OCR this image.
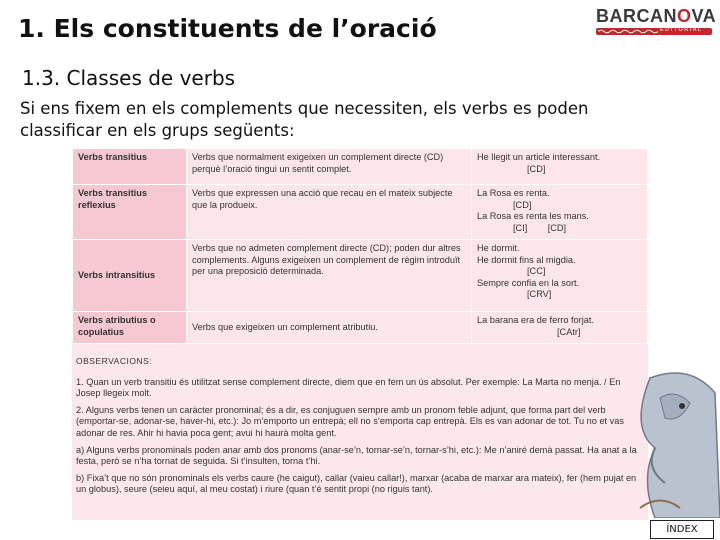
1. Els constituents de l’oració	BARCANOVA
EDITORIAL
1.3. Classes de verbs
Si ens fixem en els complements que necessiten, els verbs es poden classificar en els grups següents:
Verbs transitius	Verbs que normalment exigeixen un complement directe (CD) perquè l’oració tingui un sentit complet.	He llegit un article interessant.
[CD]

Verbs transitius reflexius	Verbs que expressen una acció que recau en el mateix subjecte que la produeix.	La Rosa es renta.
[CD]
La Rosa es renta les mans.
[CI]        [CD]

Verbs intransitius	Verbs que no admeten complement directe (CD); poden dur altres complements. Alguns exigeixen un complement de règim introduït per una preposició determinada.	He dormit.
He dormit fins al migdia.
[CC]
Sempre confia en la sort.
[CRV]

Verbs atributius o copulatius	Verbs que exigeixen un complement atributiu.	La barana era de ferro forjat.
[CAtr]
OBSERVACIONS:

1. Quan un verb transitiu és utilitzat sense complement directe, diem que en fem un ús absolut. Per exemple: La Marta no menja. / En Josep llegeix molt.

2. Alguns verbs tenen un caràcter pronominal; és a dir, es conjuguen sempre amb un pronom feble adjunt, que forma part del verb (emportar-se, adonar-se, haver-hi, etc.): Jo m’emporto un entrepà; ell no s’emporta cap entrepà. Els es van adonar de tot. Tu no et vas adonar de res. Ahir hi havia poca gent; avui hi haurà molta gent.

a) Alguns verbs pronominals poden anar amb dos pronoms (anar-se’n, tornar-se’n, tornar-s’hi, etc.): Me n’aniré demà passat. Ha anat a la festa, però se n’ha tornat de seguida. Si t’insulten, torna t’hi.

b) Fixa’t que no són pronominals els verbs caure (he caigut), callar (vaieu callar!), marxar (acaba de marxar ara mateix), fer (hem pujat en un globus), seure (seieu aquí, al meu costat) i riure (quan t’é sentit propi (no riguis tant).

ÍNDEX
